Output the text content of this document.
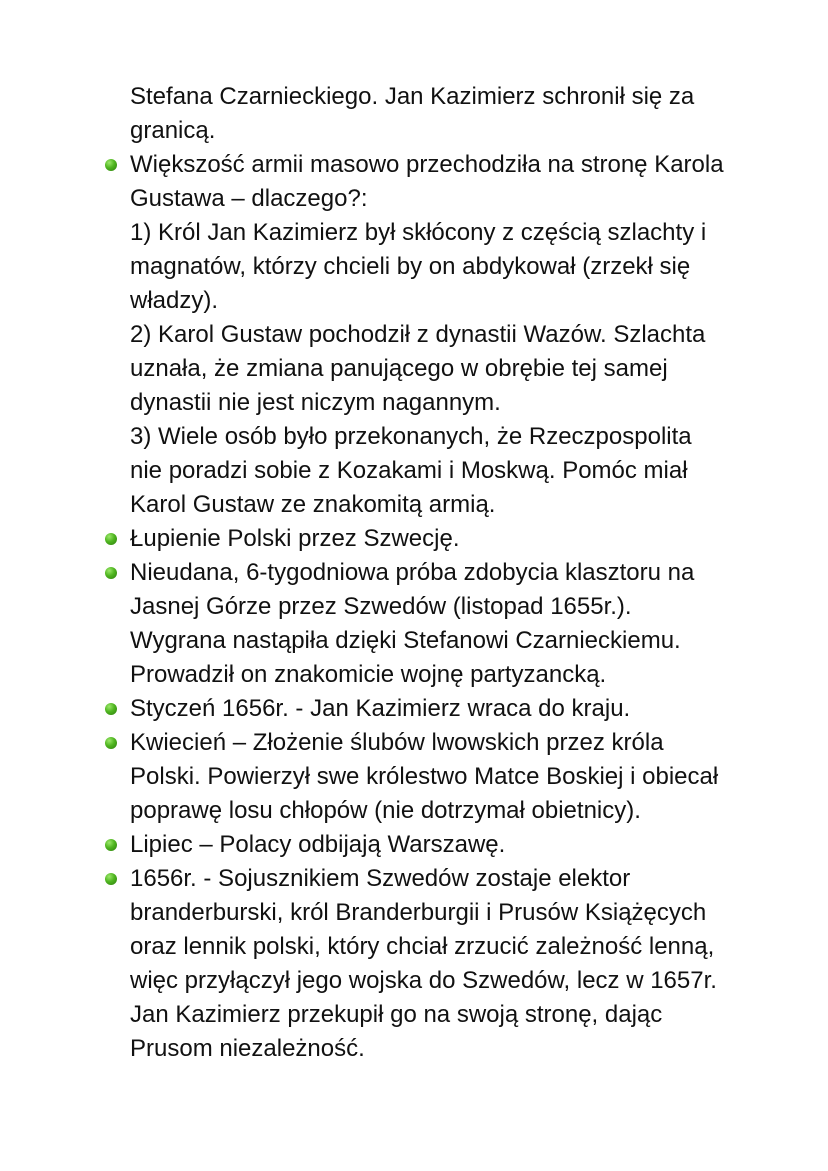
Stefana Czarnieckiego. Jan Kazimierz schronił się za
granicą.
Większość armii masowo przechodziła na stronę Karola
Gustawa – dlaczego?:
1) Król Jan Kazimierz był skłócony z częścią szlachty i
magnatów, którzy chcieli by on abdykował (zrzekł się
władzy).
2) Karol Gustaw pochodził z dynastii Wazów. Szlachta
uznała, że zmiana panującego w obrębie tej samej
dynastii nie jest niczym nagannym.
3) Wiele osób było przekonanych, że Rzeczpospolita
nie poradzi sobie z Kozakami i Moskwą. Pomóc miał
Karol Gustaw ze znakomitą armią.
Łupienie Polski przez Szwecję.
Nieudana, 6-tygodniowa próba zdobycia klasztoru na
Jasnej Górze przez Szwedów (listopad 1655r.).
Wygrana nastąpiła dzięki Stefanowi Czarnieckiemu.
Prowadził on znakomicie wojnę partyzancką.
Styczeń 1656r. - Jan Kazimierz wraca do kraju.
Kwiecień – Złożenie ślubów lwowskich przez króla
Polski. Powierzył swe królestwo Matce Boskiej i obiecał
poprawę losu chłopów (nie dotrzymał obietnicy).
Lipiec – Polacy odbijają Warszawę.
1656r. - Sojusznikiem Szwedów zostaje elektor
branderburski, król Branderburgii i Prusów Książęcych
oraz lennik polski, który chciał zrzucić zależność lenną,
więc przyłączył jego wojska do Szwedów, lecz w 1657r.
Jan Kazimierz przekupił go na swoją stronę, dając
Prusom niezależność.
